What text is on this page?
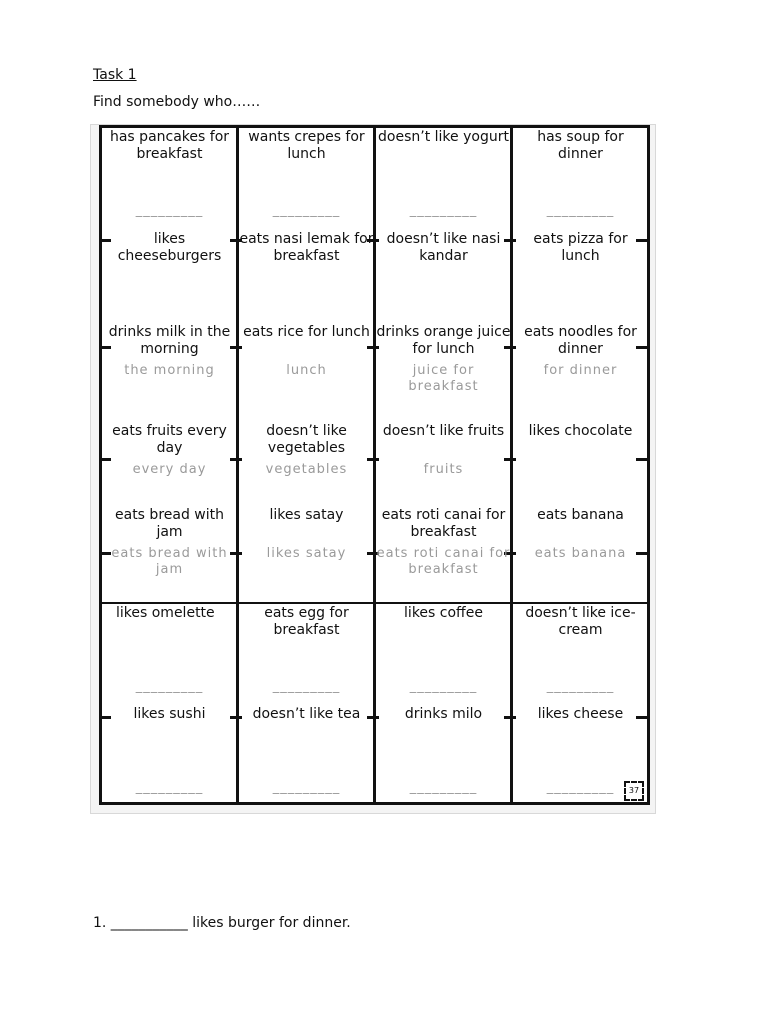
Task 1
Find somebody who……
has pancakes for breakfast
_________
wants crepes for lunch
_________
doesn’t like yogurt
_________
has soup for dinner
_________
likes cheeseburgers
eats nasi lemak for breakfast
doesn’t like nasi kandar
eats pizza for lunch
drinks milk in the morning
the morning
eats rice for lunch
lunch
drinks orange juice for lunch
juice for breakfast
eats noodles for dinner
for dinner
eats fruits every day
every day
doesn’t like vegetables
vegetables
doesn’t like fruits
fruits
likes chocolate
eats bread with jam
eats bread with jam
likes satay
likes satay
eats roti canai for breakfast
eats roti canai for breakfast
eats banana
eats banana
likes omelette
_________
eats egg for breakfast
_________
likes coffee
_________
doesn’t like ice-cream
_________
likes sushi
_________
doesn’t like tea
_________
drinks milo
_________
likes cheese
_________	37
1. ___________ likes burger for dinner.
